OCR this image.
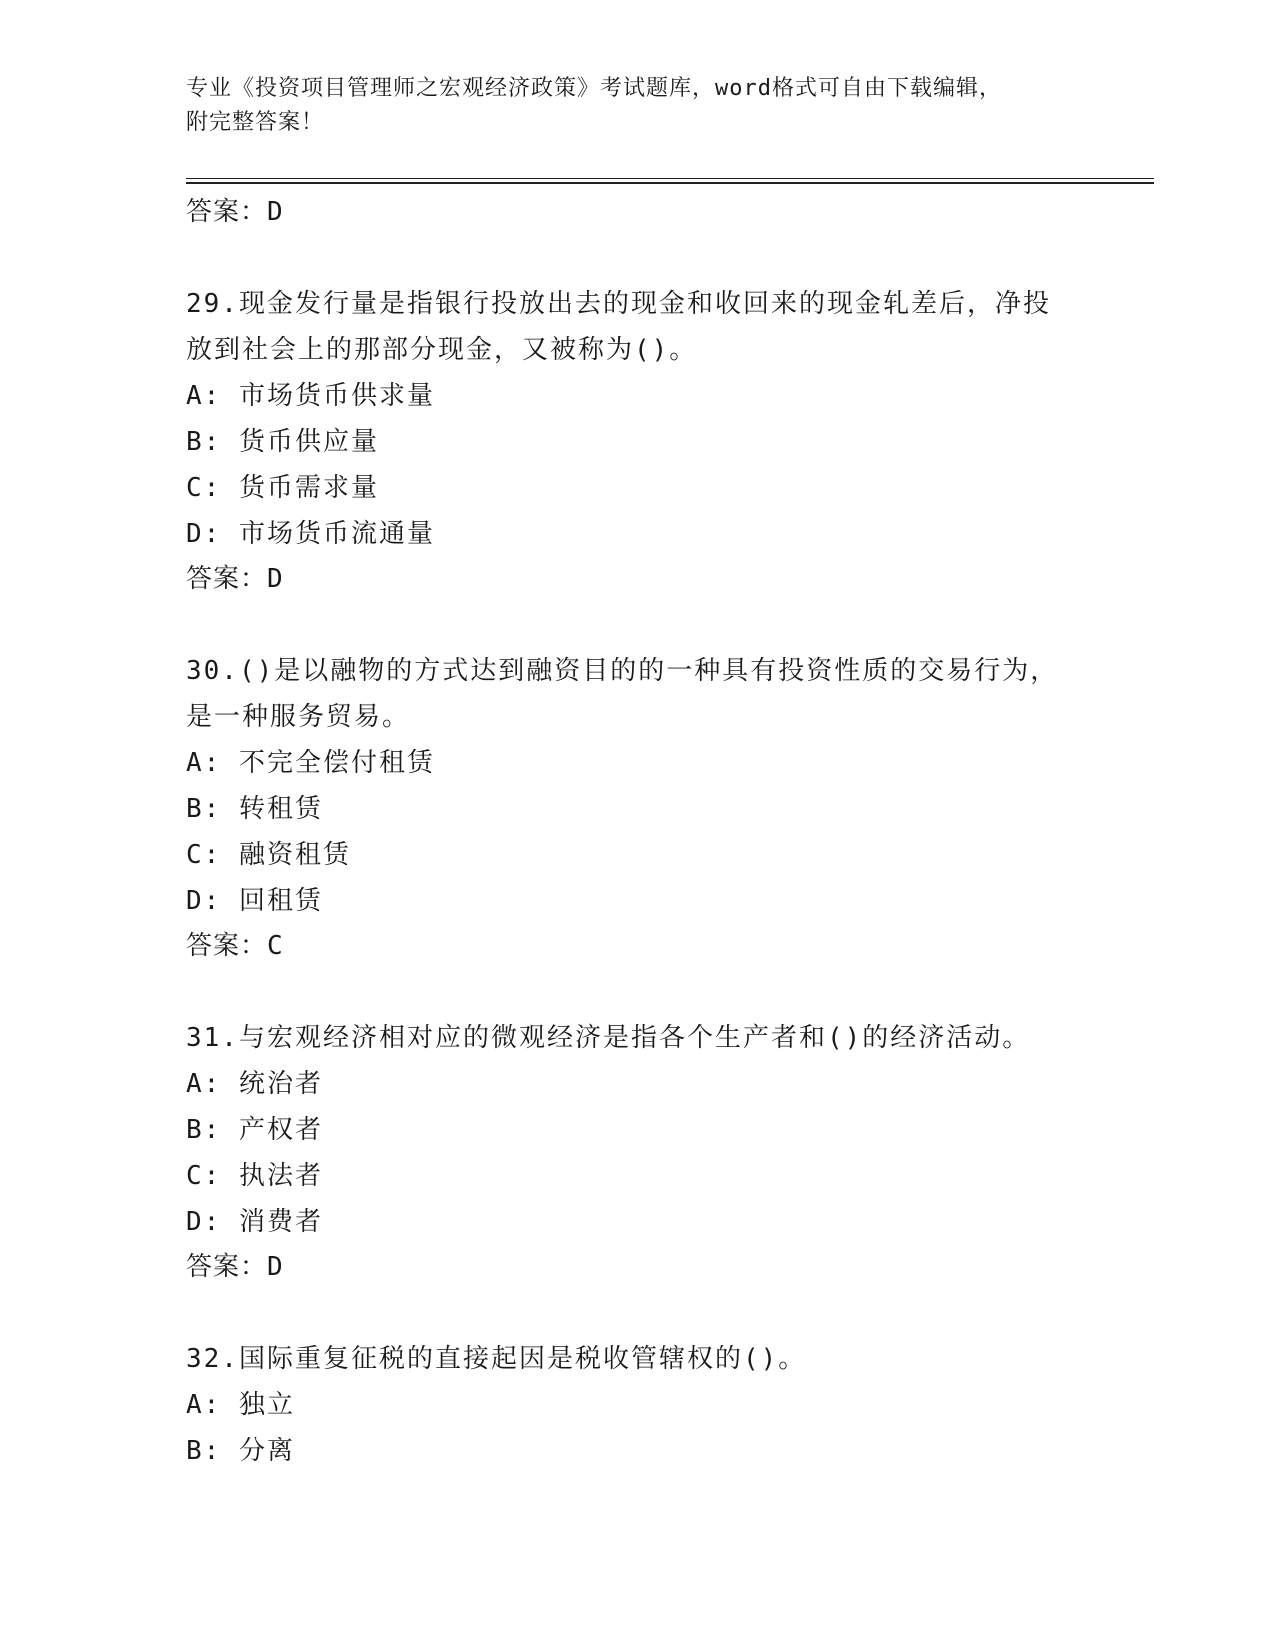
专业《投资项目管理师之宏观经济政策》考试题库，word格式可自由下载编辑，
附完整答案！
答案：D
29.现金发行量是指银行投放出去的现金和收回来的现金轧差后，净投
放到社会上的那部分现金，又被称为()。
A: 市场货币供求量
B: 货币供应量
C: 货币需求量
D: 市场货币流通量
答案：D
30.()是以融物的方式达到融资目的的一种具有投资性质的交易行为，
是一种服务贸易。
A: 不完全偿付租赁
B: 转租赁
C: 融资租赁
D: 回租赁
答案：C
31.与宏观经济相对应的微观经济是指各个生产者和()的经济活动。
A: 统治者
B: 产权者
C: 执法者
D: 消费者
答案：D
32.国际重复征税的直接起因是税收管辖权的()。
A: 独立
B: 分离
